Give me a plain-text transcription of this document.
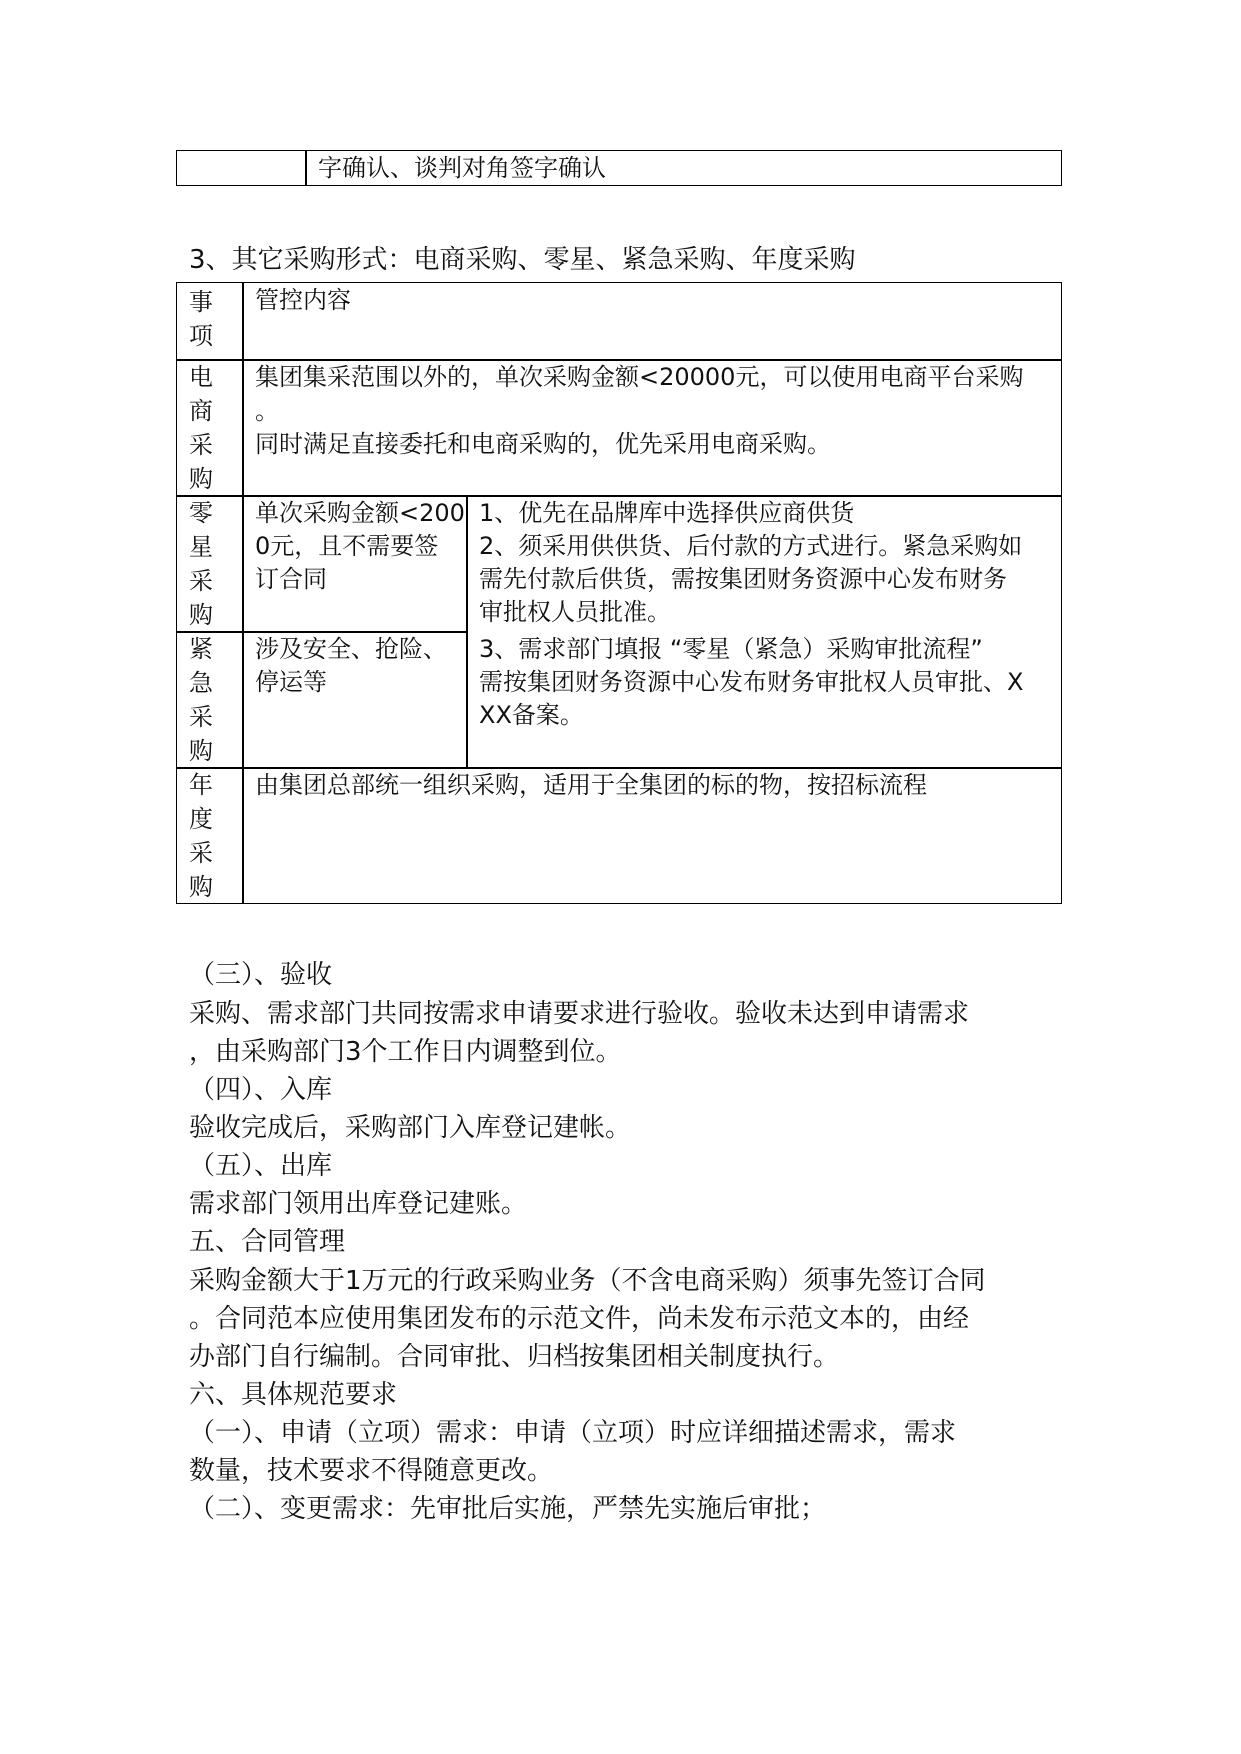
字确认、谈判对角签字确认
3、其它采购形式：电商采购、零星、紧急采购、年度采购
事项
管控内容
电商采购
集团集采范围以外的，单次采购金额<20000元，可以使用电商平台采购
。
同时满足直接委托和电商采购的，优先采用电商采购。
零星采购
单次采购金额<200
0元，且不需要签
订合同
紧急采购
涉及安全、抢险、
停运等
1、优先在品牌库中选择供应商供货
2、须采用供供货、后付款的方式进行。紧急采购如
需先付款后供货，需按集团财务资源中心发布财务
审批权人员批准。
3、需求部门填报 “零星（紧急）采购审批流程”
需按集团财务资源中心发布财务审批权人员审批、X
XX备案。
年度采购
由集团总部统一组织采购，适用于全集团的标的物，按招标流程
（三）、验收
采购、需求部门共同按需求申请要求进行验收。验收未达到申请需求
，由采购部门3个工作日内调整到位。
（四）、入库
验收完成后，采购部门入库登记建帐。
（五）、出库
需求部门领用出库登记建账。
五、合同管理
采购金额大于1万元的行政采购业务（不含电商采购）须事先签订合同
。合同范本应使用集团发布的示范文件，尚未发布示范文本的，由经
办部门自行编制。合同审批、归档按集团相关制度执行。
六、具体规范要求
（一）、申请（立项）需求：申请（立项）时应详细描述需求，需求
数量，技术要求不得随意更改。
（二）、变更需求：先审批后实施，严禁先实施后审批；
